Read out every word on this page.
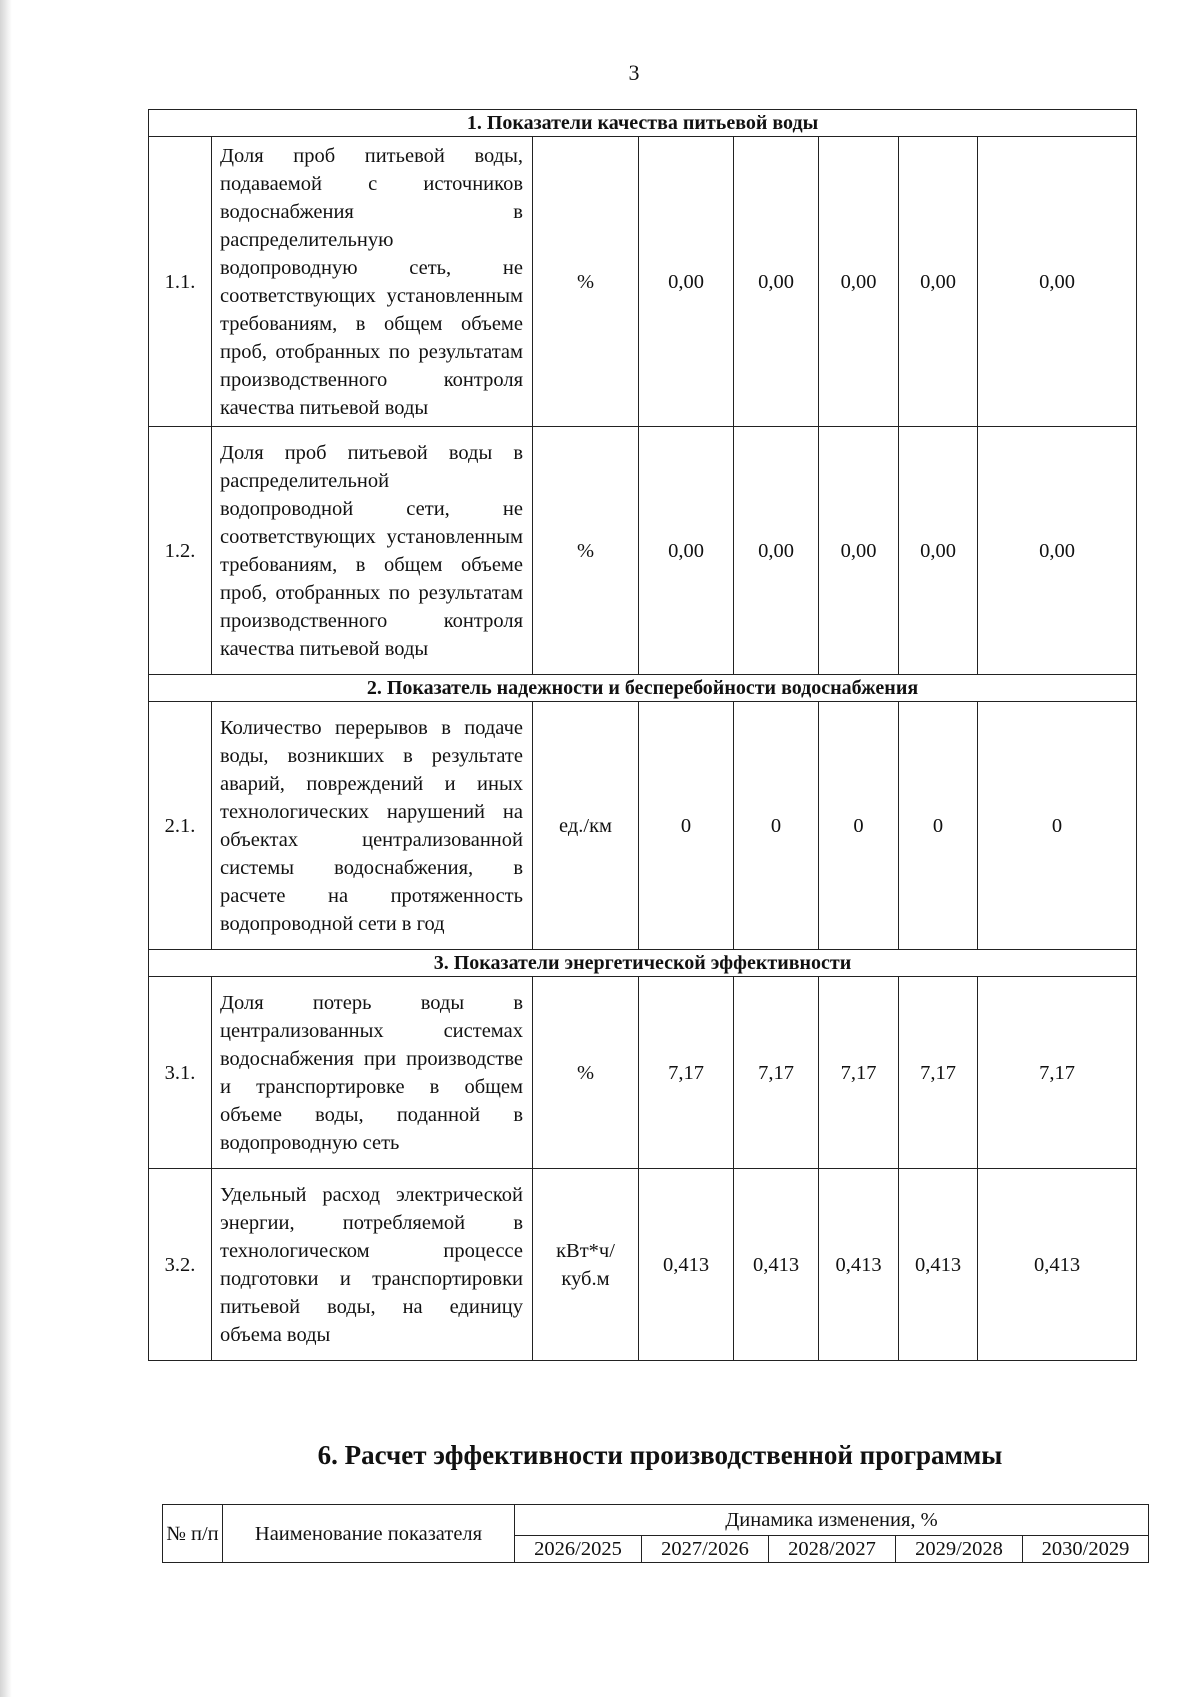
3
1. Показатели качества питьевой воды							
1.1.	Доля проб питьевой воды, подаваемой с источников водоснабжения в распределительную водопроводную сеть, не соответствующих установленным требованиям, в общем объеме проб, отобранных по результатам производственного контроля качества питьевой воды	%	0,00	0,00	0,00	0,00	0,00
1.2.	Доля проб питьевой воды в распределительной водопроводной сети, не соответствующих установленным требованиям, в общем объеме проб, отобранных по результатам производственного контроля качества питьевой воды	%	0,00	0,00	0,00	0,00	0,00
2. Показатель надежности и бесперебойности водоснабжения							
2.1.	Количество перерывов в подаче воды, возникших в результате аварий, повреждений и иных технологических нарушений на объектах централизованной системы водоснабжения, в расчете на протяженность водопроводной сети в год	ед./км	0	0	0	0	0
3. Показатели энергетической эффективности							
3.1.	Доля потерь воды в централизованных системах водоснабжения при производстве и транспортировке в общем объеме воды, поданной в водопроводную сеть	%	7,17	7,17	7,17	7,17	7,17
3.2.	Удельный расход электрической энергии, потребляемой в технологическом процессе подготовки и транспортировки питьевой воды, на единицу объема воды	кВт*ч/ куб.м	0,413	0,413	0,413	0,413	0,413
6. Расчет эффективности производственной программы
№ п/п	Наименование показателя	Динамика изменения, %				
		2026/2025	2027/2026	2028/2027	2029/2028	2030/2029
